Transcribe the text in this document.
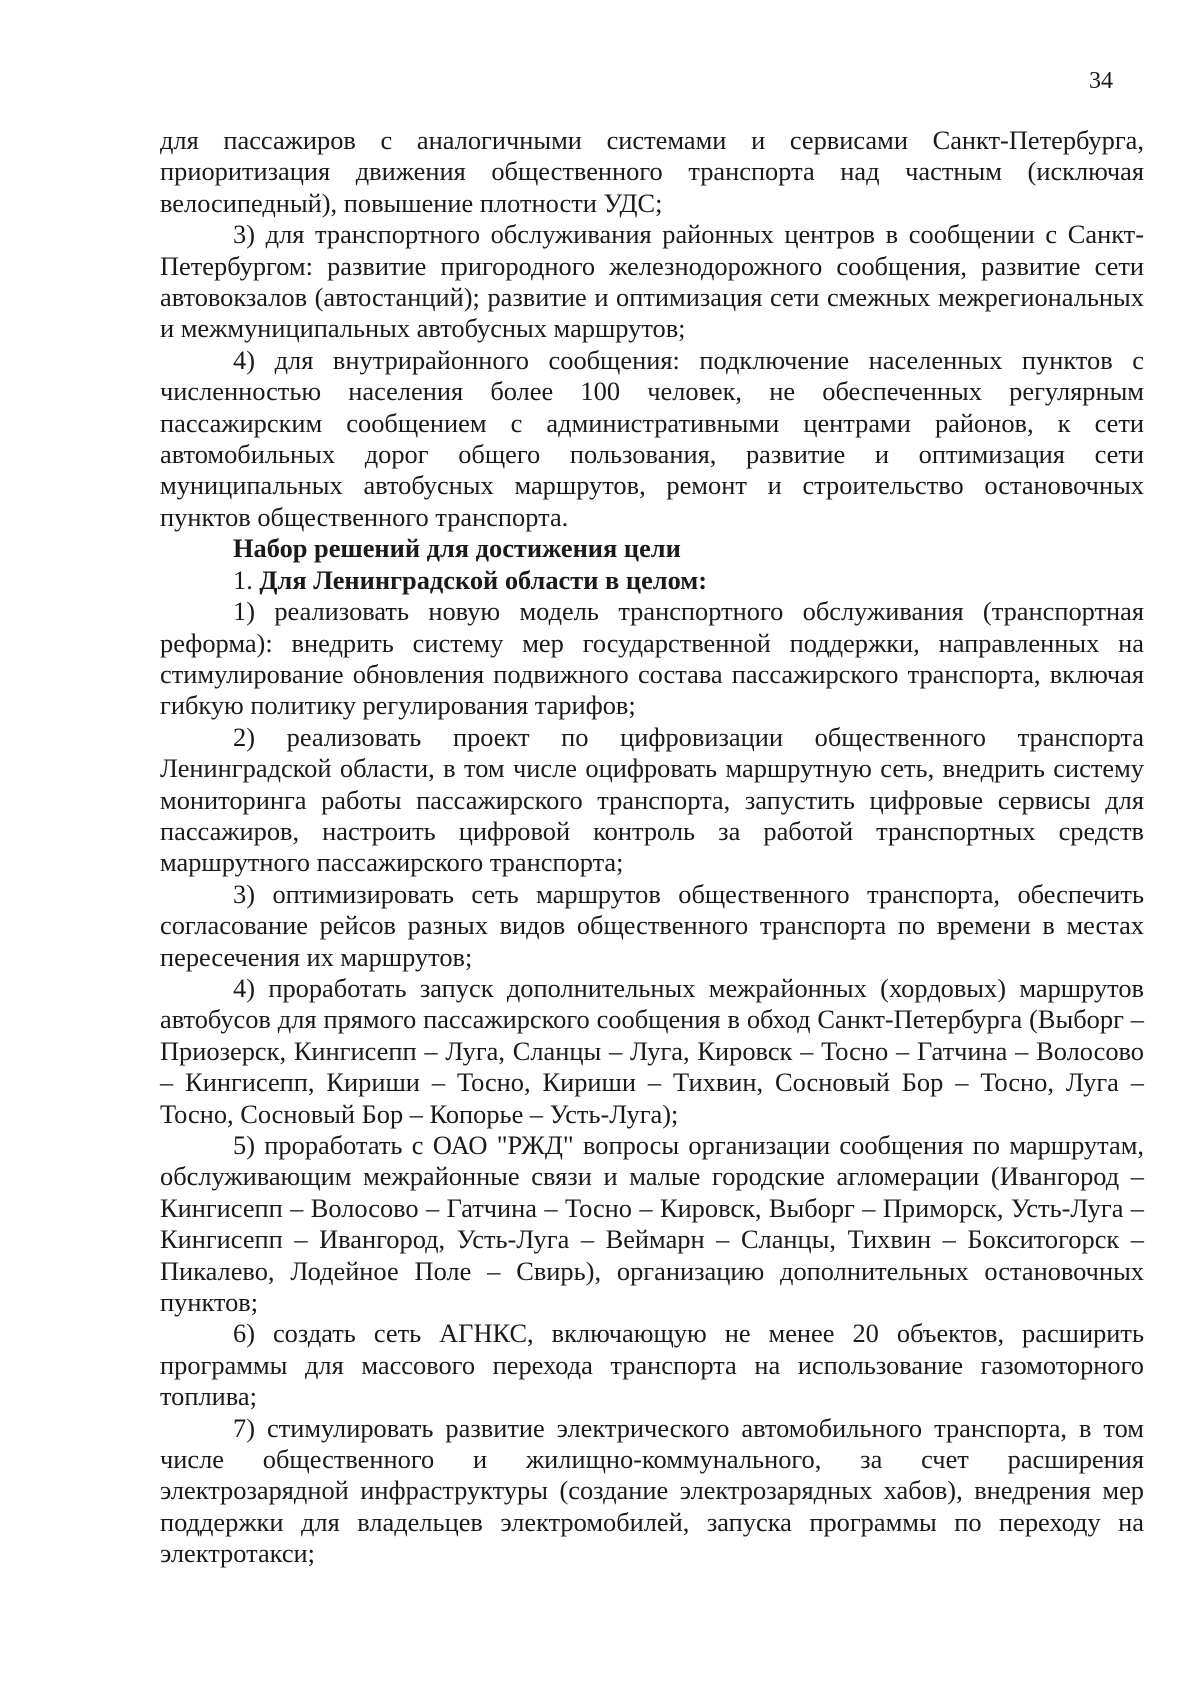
34

для пассажиров с аналогичными системами и сервисами Санкт-Петербурга, приоритизация движения общественного транспорта над частным (исключая велосипедный), повышение плотности УДС;

3) для транспортного обслуживания районных центров в сообщении с Санкт-Петербургом: развитие пригородного железнодорожного сообщения, развитие сети автовокзалов (автостанций); развитие и оптимизация сети смежных межрегиональных и межмуниципальных автобусных маршрутов;

4) для внутрирайонного сообщения: подключение населенных пунктов с численностью населения более 100 человек, не обеспеченных регулярным пассажирским сообщением с административными центрами районов, к сети автомобильных дорог общего пользования, развитие и оптимизация сети муниципальных автобусных маршрутов, ремонт и строительство остановочных пунктов общественного транспорта.

Набор решений для достижения цели

1. Для Ленинградской области в целом:

1) реализовать новую модель транспортного обслуживания (транспортная реформа): внедрить систему мер государственной поддержки, направленных на стимулирование обновления подвижного состава пассажирского транспорта, включая гибкую политику регулирования тарифов;

2) реализовать проект по цифровизации общественного транспорта Ленинградской области, в том числе оцифровать маршрутную сеть, внедрить систему мониторинга работы пассажирского транспорта, запустить цифровые сервисы для пассажиров, настроить цифровой контроль за работой транспортных средств маршрутного пассажирского транспорта;

3) оптимизировать сеть маршрутов общественного транспорта, обеспечить согласование рейсов разных видов общественного транспорта по времени в местах пересечения их маршрутов;

4) проработать запуск дополнительных межрайонных (хордовых) маршрутов автобусов для прямого пассажирского сообщения в обход Санкт-Петербурга (Выборг – Приозерск, Кингисепп – Луга, Сланцы – Луга, Кировск – Тосно – Гатчина – Волосово – Кингисепп, Кириши – Тосно, Кириши – Тихвин, Сосновый Бор – Тосно, Луга – Тосно, Сосновый Бор – Копорье – Усть-Луга);

5) проработать с ОАО "РЖД" вопросы организации сообщения по маршрутам, обслуживающим межрайонные связи и малые городские агломерации (Ивангород – Кингисепп – Волосово – Гатчина – Тосно – Кировск, Выборг – Приморск, Усть-Луга – Кингисепп – Ивангород, Усть-Луга – Веймарн – Сланцы, Тихвин – Бокситогорск – Пикалево, Лодейное Поле – Свирь), организацию дополнительных остановочных пунктов;

6) создать сеть АГНКС, включающую не менее 20 объектов, расширить программы для массового перехода транспорта на использование газомоторного топлива;

7) стимулировать развитие электрического автомобильного транспорта, в том числе общественного и жилищно-коммунального, за счет расширения электрозарядной инфраструктуры (создание электрозарядных хабов), внедрения мер поддержки для владельцев электромобилей, запуска программы по переходу на электротакси;
